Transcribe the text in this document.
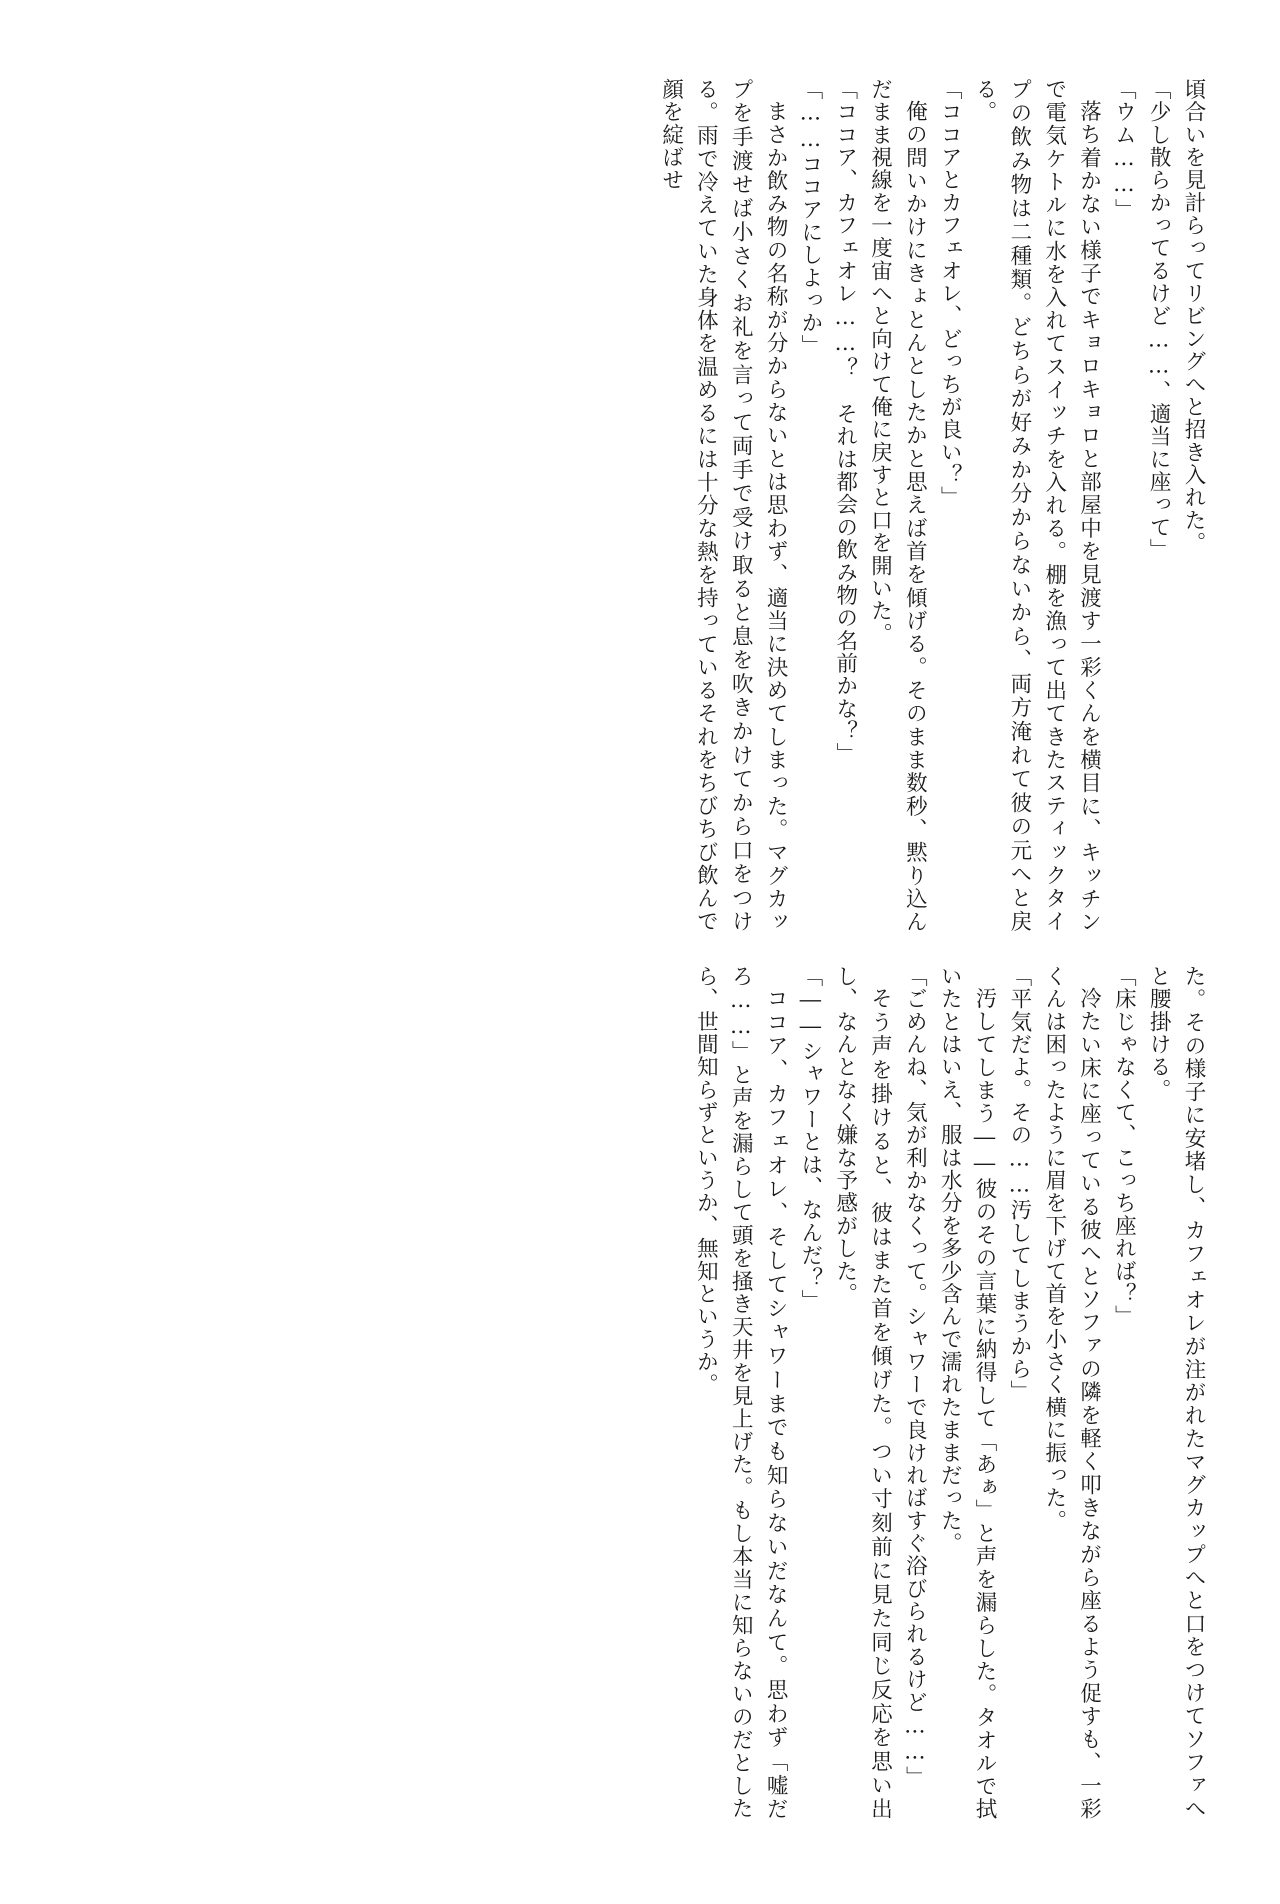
頃合いを見計らってリビングへと招き入れた。

「少し散らかってるけど……、適当に座って」

「ウム……」

落ち着かない様子でキョロキョロと部屋中を見渡す一彩くんを横目に、キッチンで電気ケトルに水を入れてスイッチを入れる。棚を漁って出てきたスティックタイプの飲み物は二種類。どちらが好みか分からないから、両方淹れて彼の元へと戻る。

「ココアとカフェオレ、どっちが良い？」

俺の問いかけにきょとんとしたかと思えば首を傾げる。そのまま数秒、黙り込んだまま視線を一度宙へと向けて俺に戻すと口を開いた。

「ココア、カフェオレ……？　それは都会の飲み物の名前かな？」

「……ココアにしよっか」

まさか飲み物の名称が分からないとは思わず、適当に決めてしまった。マグカップを手渡せば小さくお礼を言って両手で受け取ると息を吹きかけてから口をつける。雨で冷えていた身体を温めるには十分な熱を持っているそれをちびちび飲んで顔を綻ばせ

た。その様子に安堵し、カフェオレが注がれたマグカップへと口をつけてソファへと腰掛ける。

「床じゃなくて、こっち座れば？」

冷たい床に座っている彼へとソファの隣を軽く叩きながら座るよう促すも、一彩くんは困ったように眉を下げて首を小さく横に振った。

「平気だよ。その……汚してしまうから」

汚してしまう――彼のその言葉に納得して「あぁ」と声を漏らした。タオルで拭いたとはいえ、服は水分を多少含んで濡れたままだった。

「ごめんね、気が利かなくって。シャワーで良ければすぐ浴びられるけど……」

そう声を掛けると、彼はまた首を傾げた。つい寸刻前に見た同じ反応を思い出し、なんとなく嫌な予感がした。

「――シャワーとは、なんだ？」

ココア、カフェオレ、そしてシャワーまでも知らないだなんて。思わず「嘘だろ……」と声を漏らして頭を掻き天井を見上げた。もし本当に知らないのだとしたら、世間知らずというか、無知というか。
